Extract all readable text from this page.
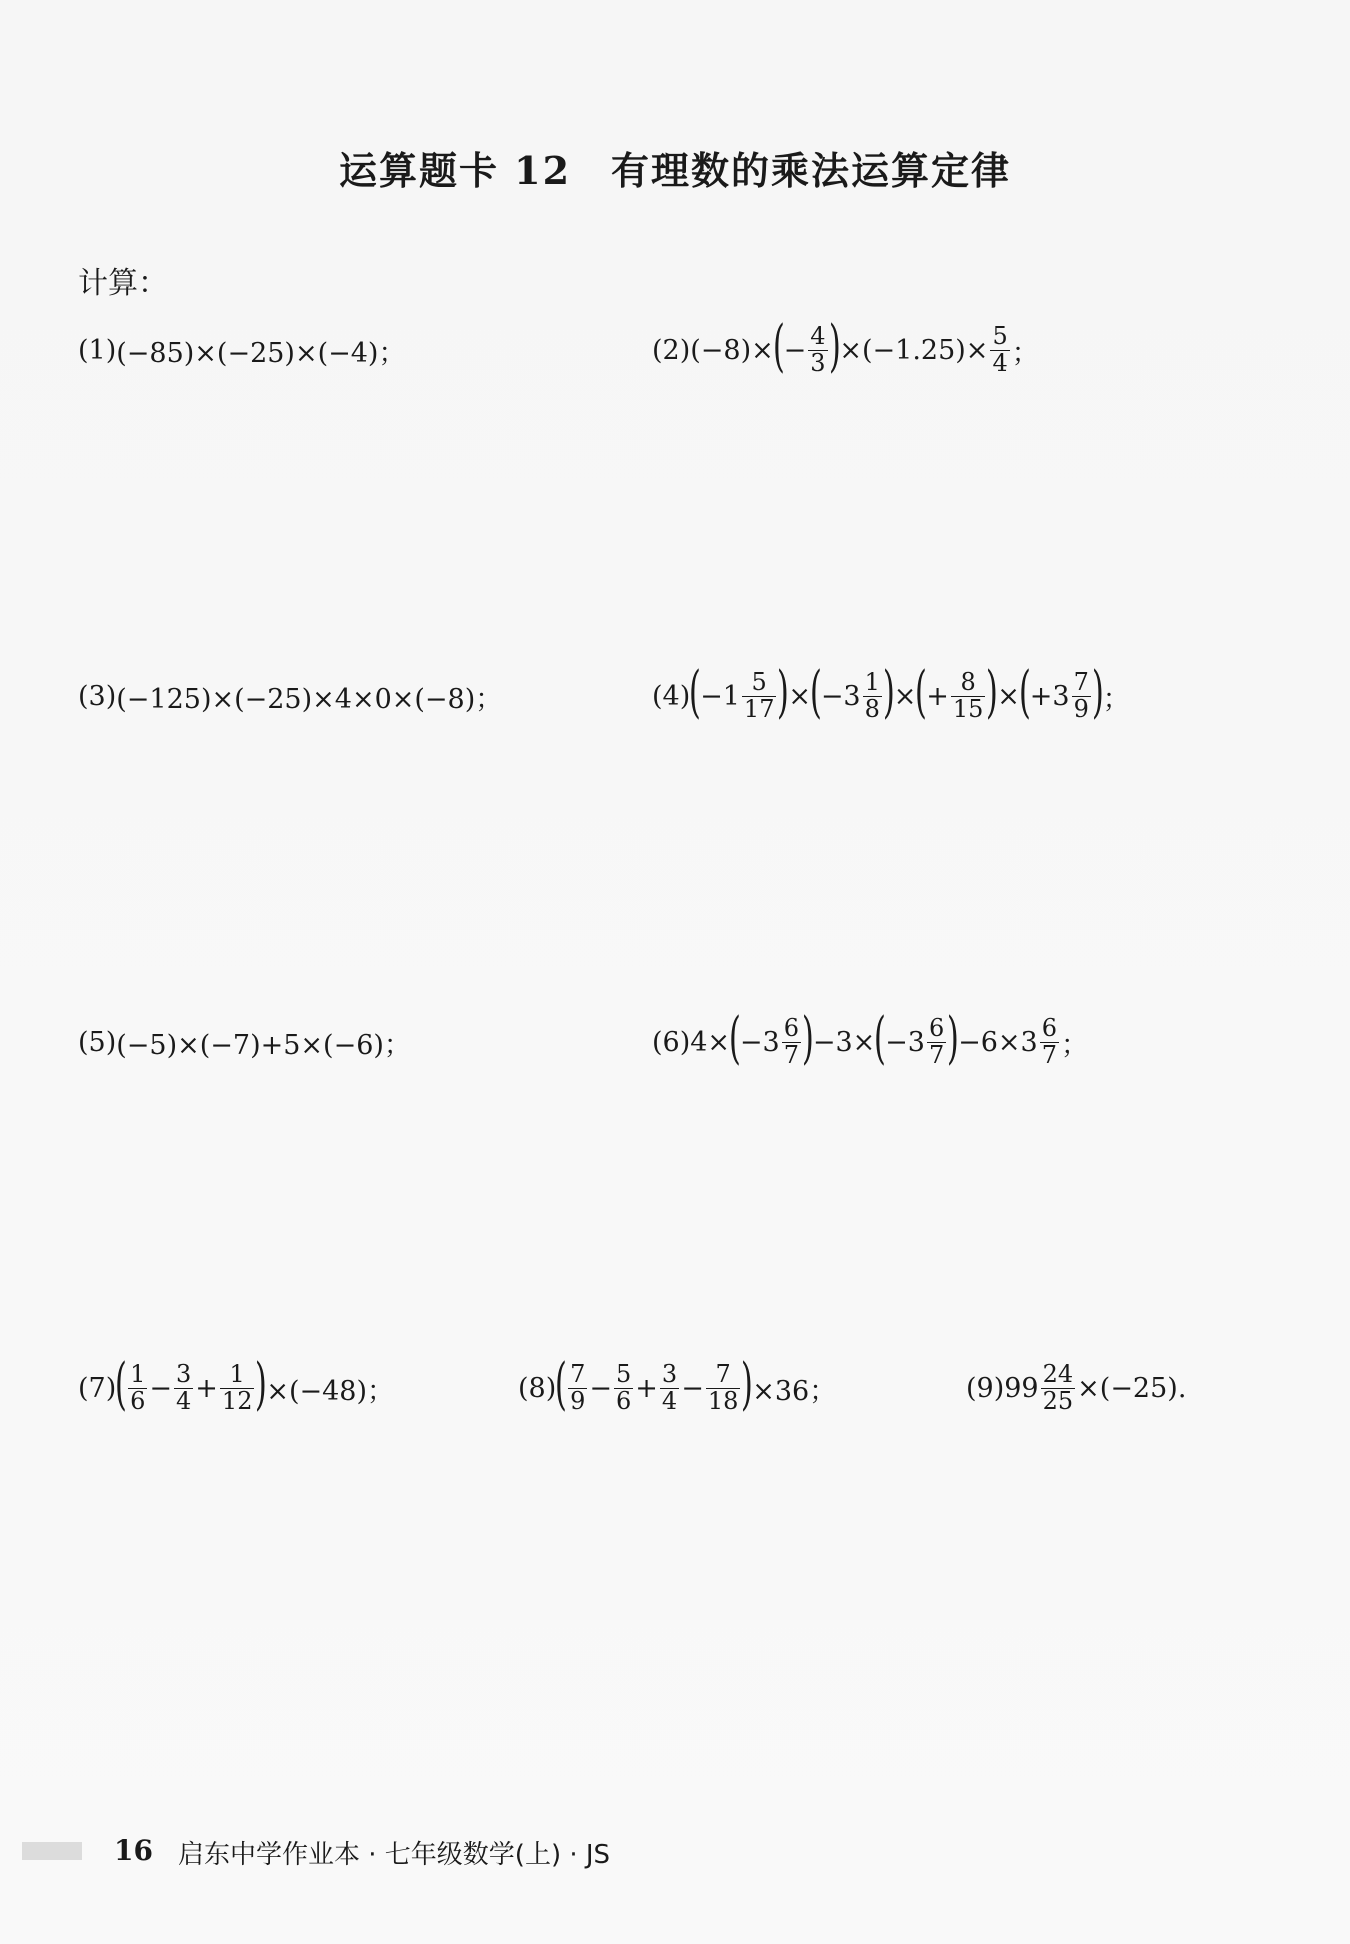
运算题卡 12　有理数的乘法运算定律
计算：
(1) (−85)×(−25)×(−4)；	(2) (−8)×
(
− $\frac{4}{3}$ )
$\times(-1.25)\times \frac{5}{4}$ ；
(3) (−125)×(−25)×4×0×(−8)；	(4)
(
$-1 \frac{5}{17}$ )
×
(
$-3 \frac{1}{8}$ )
×
(
+ $\frac{8}{15}$ )
×
(
$+3 \frac{7}{9}$ )
；
(5) (−5)×(−7)+5×(−6)；	(6) 4×
(
$-3 \frac{6}{7}$ )
−3×
(
$-3 \frac{6}{7}$ )
$-6\times 3 \frac{6}{7}$ ；
(7)
( $\frac{1}{6} - \frac{3}{4} + \frac{1}{12}$ )
×(−48)；	(8)
( $\frac{7}{9} - \frac{5}{6} + \frac{3}{4} - \frac{7}{18}$ )
×36；	(9) $99 \frac{24}{25} \times(-25)$.
16 启东中学作业本 · 七年级数学(上) · JS
